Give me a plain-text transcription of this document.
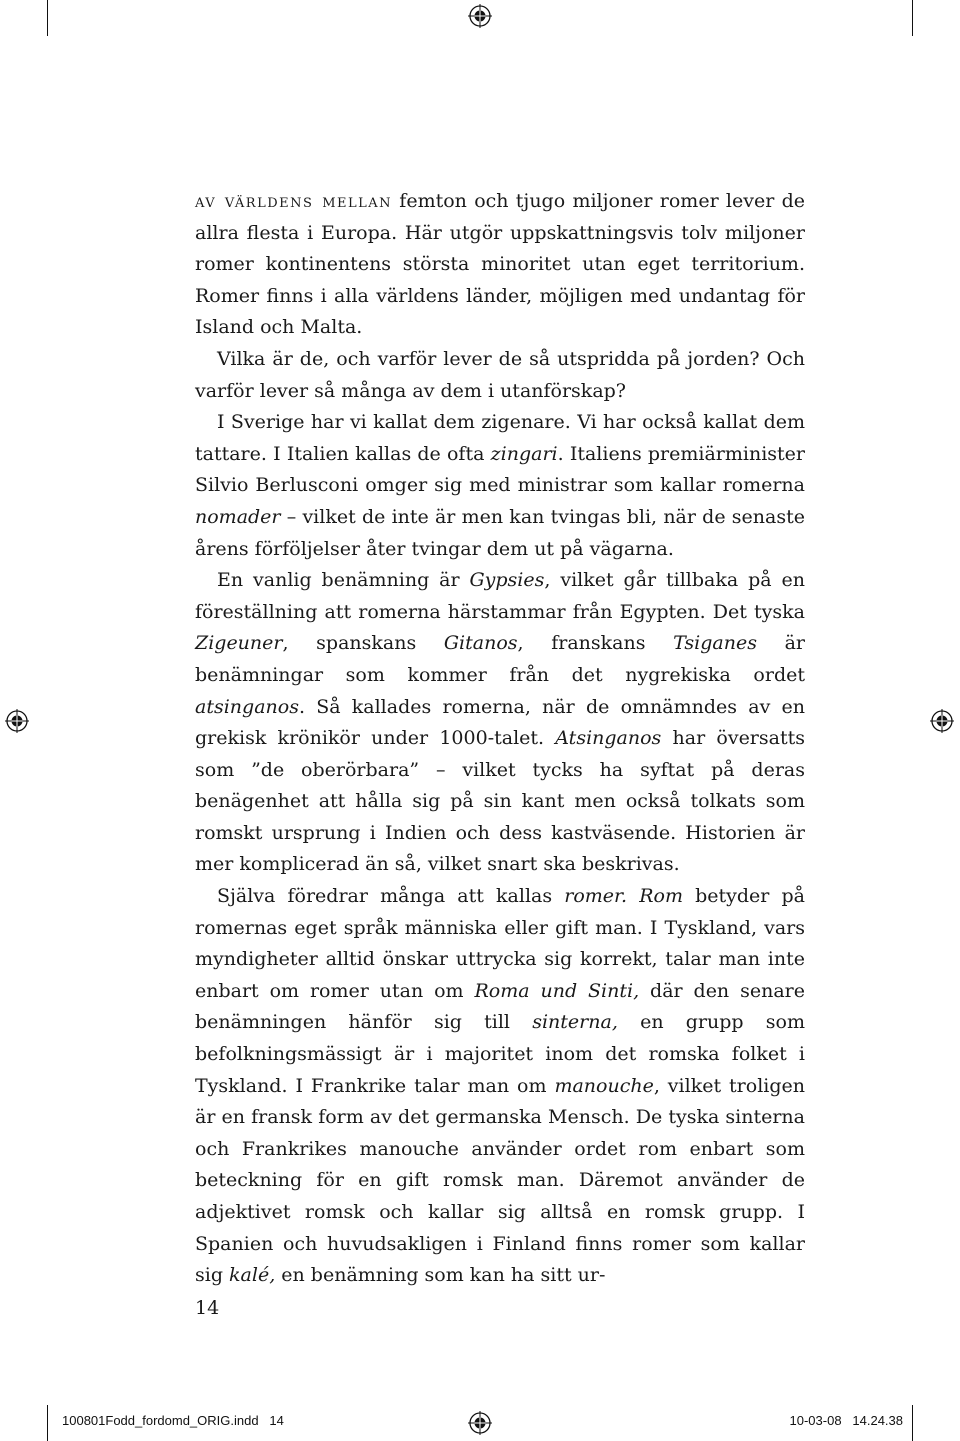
av världens mellan femton och tjugo miljoner romer lever de allra flesta i Europa. Här utgör uppskattningsvis tolv miljoner romer kontinentens största minoritet utan eget territorium. Romer finns i alla världens länder, möjligen med undantag för Island och Malta.

Vilka är de, och varför lever de så utspridda på jorden? Och varför lever så många av dem i utanförskap?

I Sverige har vi kallat dem zigenare. Vi har också kallat dem tattare. I Italien kallas de ofta zingari. Italiens premiärminister Silvio Berlusconi omger sig med ministrar som kallar romerna nomader – vilket de inte är men kan tvingas bli, när de senaste årens förföljelser åter tvingar dem ut på vägarna.

En vanlig benämning är Gypsies, vilket går tillbaka på en föreställning att romerna härstammar från Egypten. Det tyska Zigeuner, spanskans Gitanos, franskans Tsiganes är benämningar som kommer från det nygrekiska ordet atsinganos. Så kallades romerna, när de omnämndes av en grekisk krönikör under 1000-talet. Atsinganos har översatts som ”de oberörbara” – vilket tycks ha syftat på deras benägenhet att hålla sig på sin kant men också tolkats som romskt ursprung i Indien och dess kastväsende. Historien är mer komplicerad än så, vilket snart ska beskrivas.

Själva föredrar många att kallas romer. Rom betyder på romernas eget språk människa eller gift man. I Tyskland, vars myndigheter alltid önskar uttrycka sig korrekt, talar man inte enbart om romer utan om Roma und Sinti, där den senare benämningen hänför sig till sinterna, en grupp som befolkningsmässigt är i majoritet inom det romska folket i Tyskland. I Frankrike talar man om manouche, vilket troligen är en fransk form av det germanska Mensch. De tyska sinterna och Frankrikes manouche använder ordet rom enbart som beteckning för en gift romsk man. Däremot använder de adjektivet romsk och kallar sig alltså en romsk grupp. I Spanien och huvudsakligen i Finland finns romer som kallar sig kalé, en benämning som kan ha sitt ur-

14
100801Fodd_fordomd_ORIG.indd   14	10-03-08   14.24.38
